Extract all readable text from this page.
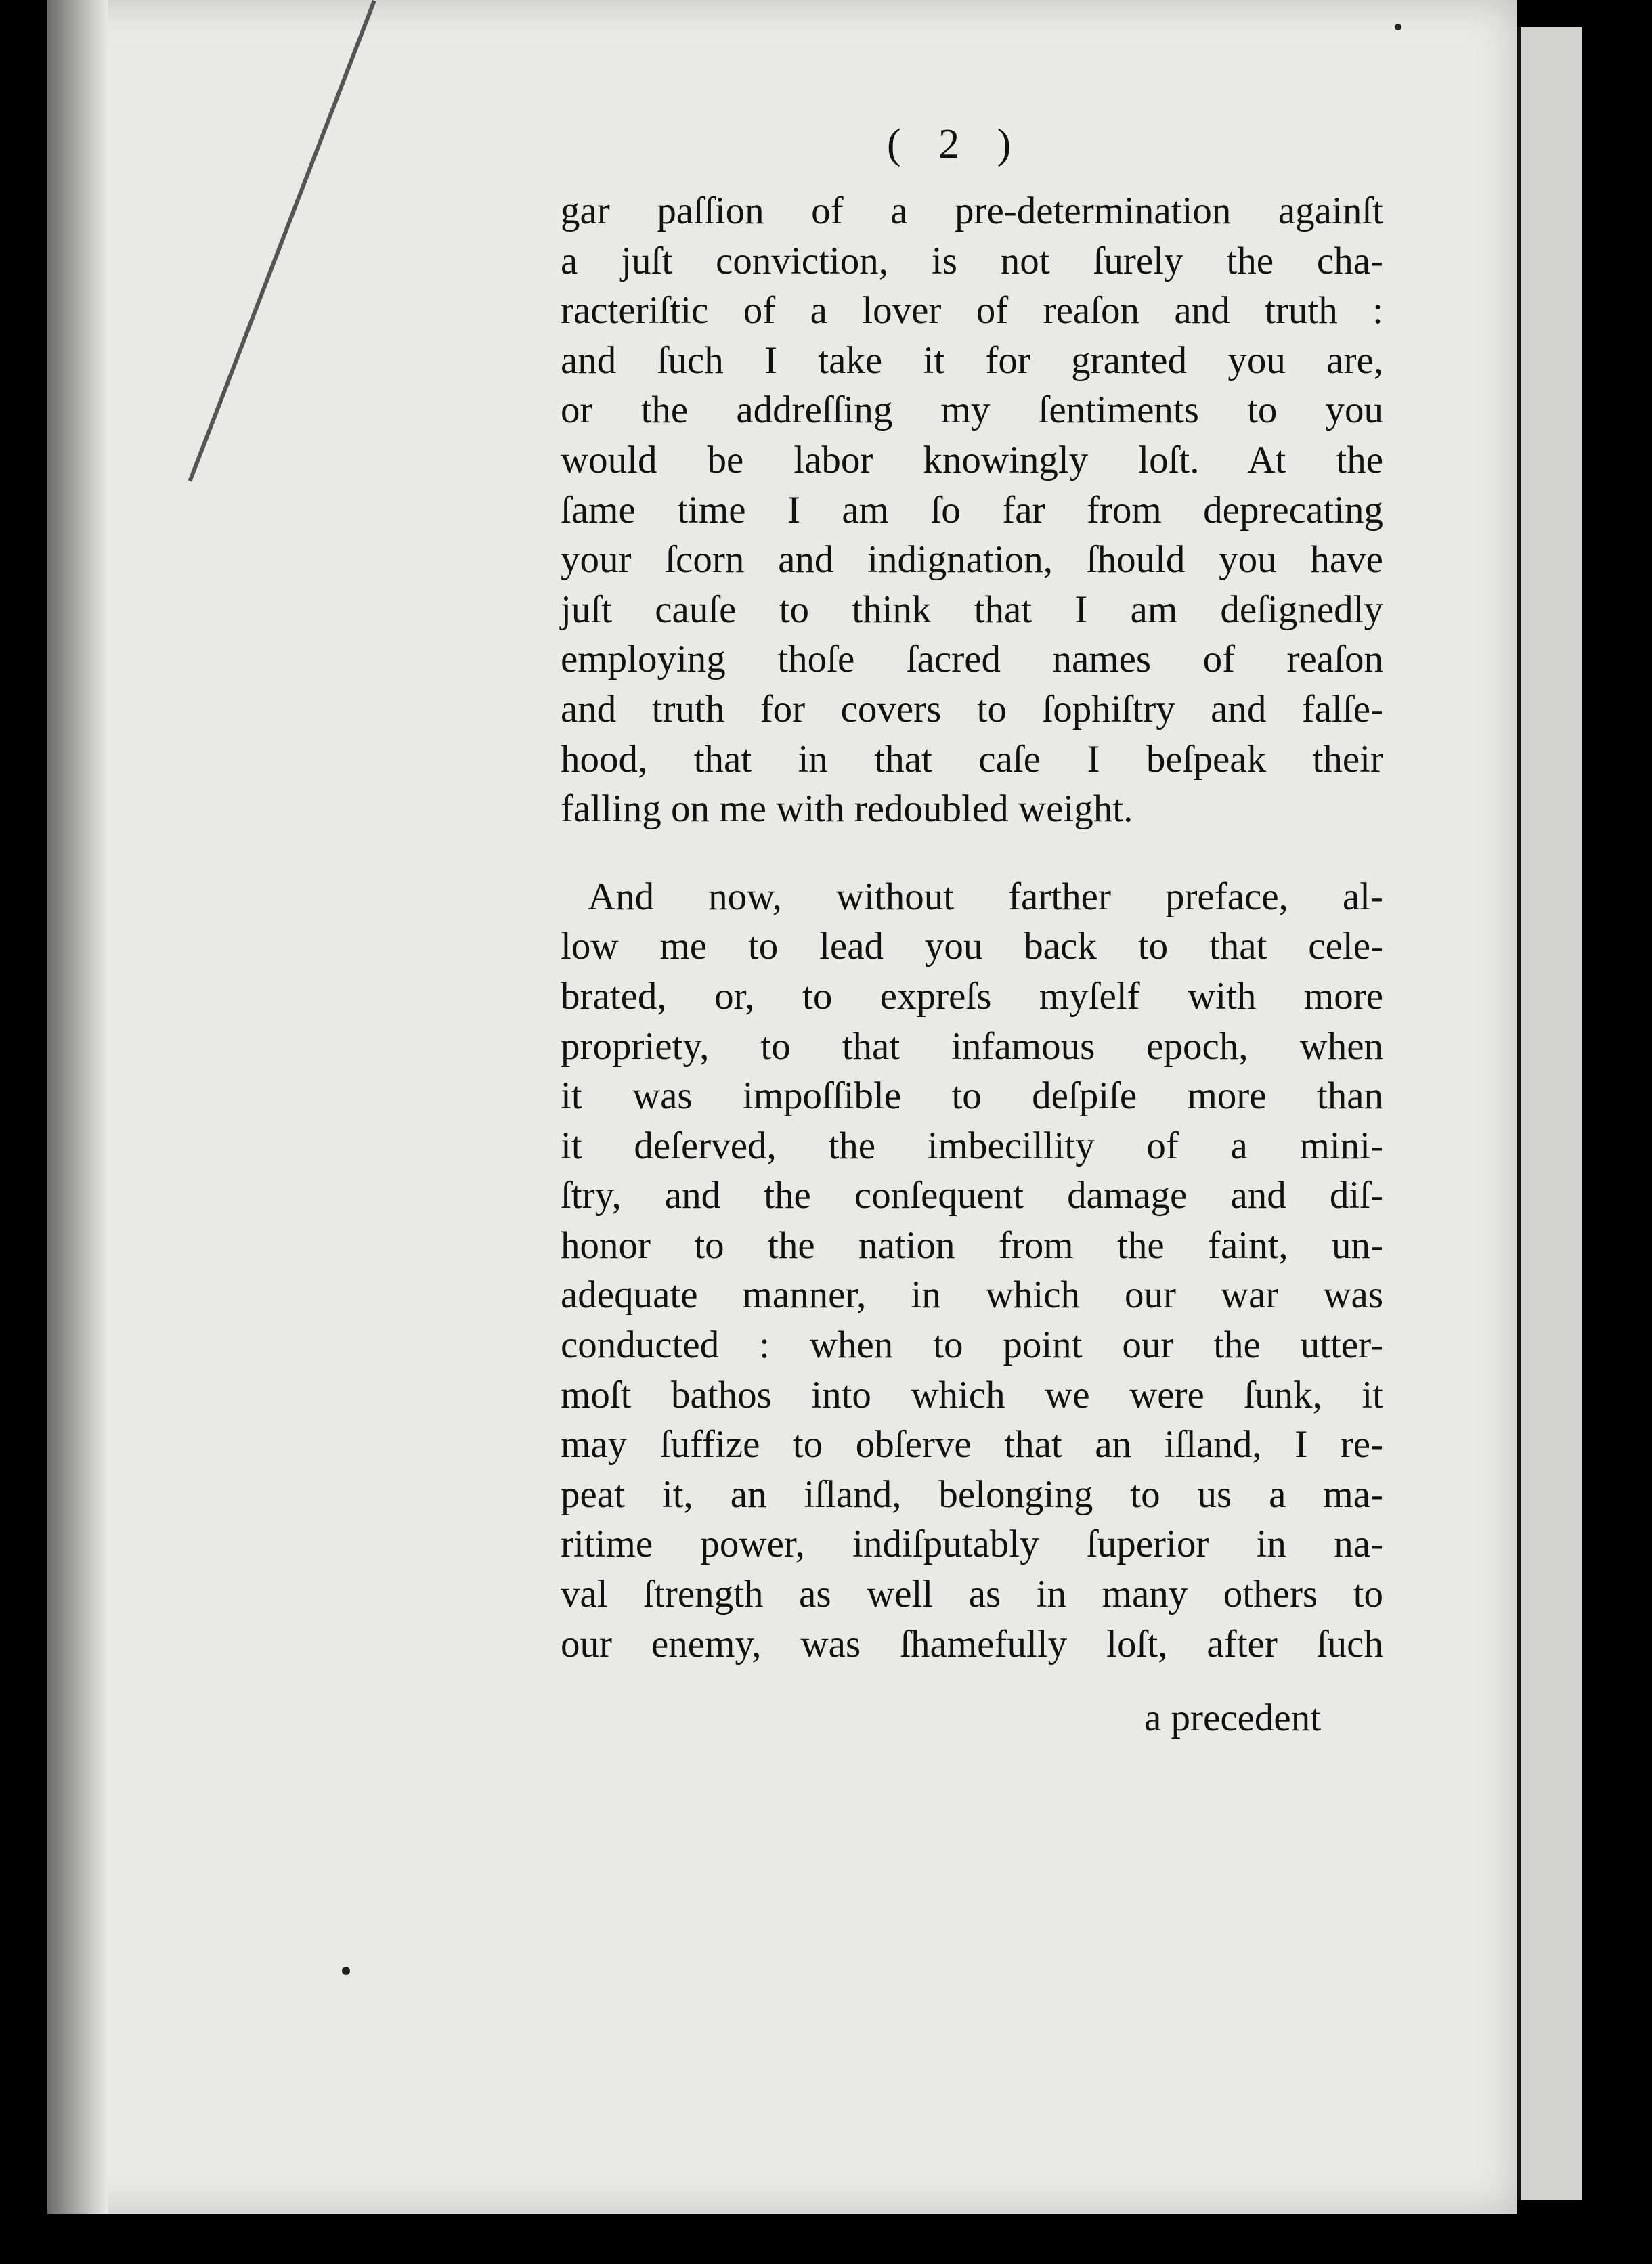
( 2 )
gar paſſion of a pre-determination againſt
a juſt conviction, is not ſurely the cha-
racteriſtic of a lover of reaſon and truth :
and ſuch I take it for granted you are,
or the addreſſing my ſentiments to you
would be labor knowingly loſt. At the
ſame time I am ſo far from deprecating
your ſcorn and indignation, ſhould you have
juſt cauſe to think that I am deſignedly
employing thoſe ſacred names of reaſon
and truth for covers to ſophiſtry and falſe-
hood, that in that caſe I beſpeak their
falling on me with redoubled weight.
And now, without farther preface, al-
low me to lead you back to that cele-
brated, or, to expreſs myſelf with more
propriety, to that infamous epoch, when
it was impoſſible to deſpiſe more than
it deſerved, the imbecillity of a mini-
ſtry, and the conſequent damage and diſ-
honor to the nation from the faint, un-
adequate manner, in which our war was
conducted : when to point our the utter-
moſt bathos into which we were ſunk, it
may ſuffize to obſerve that an iſland, I re-
peat it, an iſland, belonging to us a ma-
ritime power, indiſputably ſuperior in na-
val ſtrength as well as in many others to
our enemy, was ſhamefully loſt, after ſuch
a precedent
